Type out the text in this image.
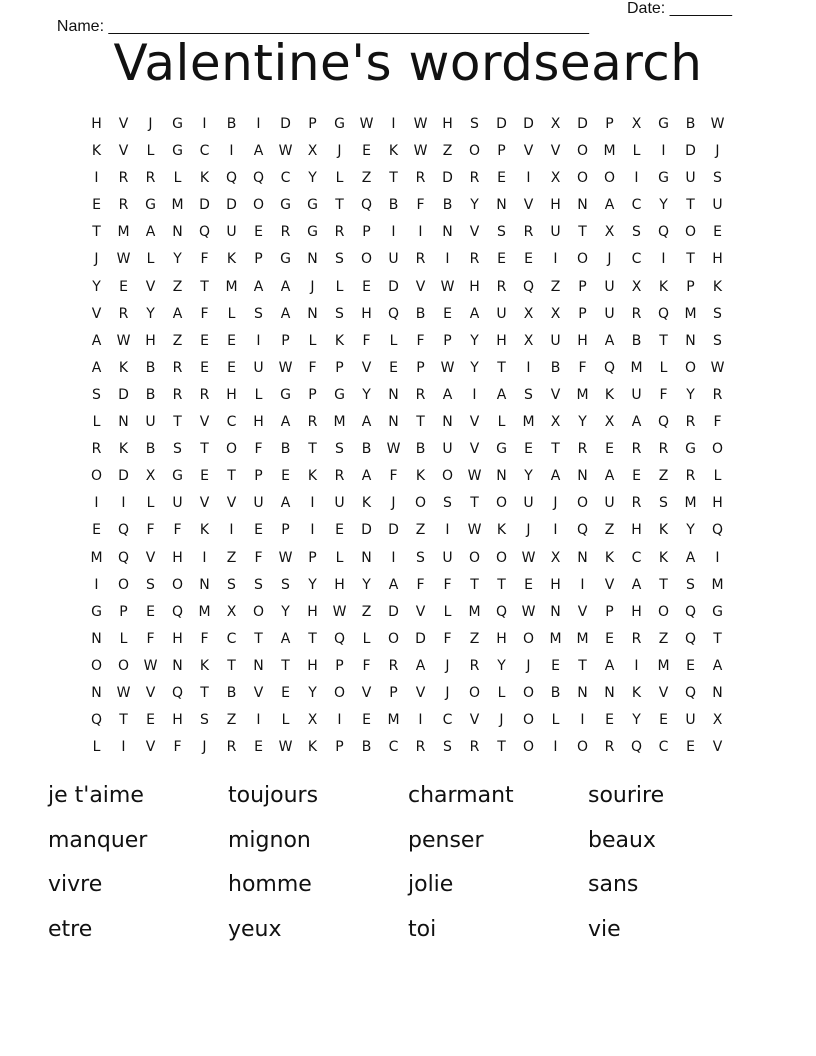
Name: ______________________________________________________

Date: _______

Valentine's wordsearch
H	V	J	G	I	B	I	D	P	G	W	I	W	H	S	D	D	X	D	P	X	G	B	W
K	V	L	G	C	I	A	W	X	J	E	K	W	Z	O	P	V	V	O	M	L	I	D	J
I	R	R	L	K	Q	Q	C	Y	L	Z	T	R	D	R	E	I	X	O	O	I	G	U	S
E	R	G	M	D	D	O	G	G	T	Q	B	F	B	Y	N	V	H	N	A	C	Y	T	U
T	M	A	N	Q	U	E	R	G	R	P	I	I	N	V	S	R	U	T	X	S	Q	O	E
J	W	L	Y	F	K	P	G	N	S	O	U	R	I	R	E	E	I	O	J	C	I	T	H
Y	E	V	Z	T	M	A	A	J	L	E	D	V	W	H	R	Q	Z	P	U	X	K	P	K
V	R	Y	A	F	L	S	A	N	S	H	Q	B	E	A	U	X	X	P	U	R	Q	M	S
A	W	H	Z	E	E	I	P	L	K	F	L	F	P	Y	H	X	U	H	A	B	T	N	S
A	K	B	R	E	E	U	W	F	P	V	E	P	W	Y	T	I	B	F	Q	M	L	O	W
S	D	B	R	R	H	L	G	P	G	Y	N	R	A	I	A	S	V	M	K	U	F	Y	R
L	N	U	T	V	C	H	A	R	M	A	N	T	N	V	L	M	X	Y	X	A	Q	R	F
R	K	B	S	T	O	F	B	T	S	B	W	B	U	V	G	E	T	R	E	R	R	G	O
O	D	X	G	E	T	P	E	K	R	A	F	K	O	W	N	Y	A	N	A	E	Z	R	L
I	I	L	U	V	V	U	A	I	U	K	J	O	S	T	O	U	J	O	U	R	S	M	H
E	Q	F	F	K	I	E	P	I	E	D	D	Z	I	W	K	J	I	Q	Z	H	K	Y	Q
M	Q	V	H	I	Z	F	W	P	L	N	I	S	U	O	O	W	X	N	K	C	K	A	I
I	O	S	O	N	S	S	S	Y	H	Y	A	F	F	T	T	E	H	I	V	A	T	S	M
G	P	E	Q	M	X	O	Y	H	W	Z	D	V	L	M	Q	W	N	V	P	H	O	Q	G
N	L	F	H	F	C	T	A	T	Q	L	O	D	F	Z	H	O	M	M	E	R	Z	Q	T
O	O	W	N	K	T	N	T	H	P	F	R	A	J	R	Y	J	E	T	A	I	M	E	A
N	W	V	Q	T	B	V	E	Y	O	V	P	V	J	O	L	O	B	N	N	K	V	Q	N
Q	T	E	H	S	Z	I	L	X	I	E	M	I	C	V	J	O	L	I	E	Y	E	U	X
L	I	V	F	J	R	E	W	K	P	B	C	R	S	R	T	O	I	O	R	Q	C	E	V
je t'aime	toujours	charmant	sourire
manquer	mignon	penser	beaux
vivre	homme	jolie	sans
etre	yeux	toi	vie
